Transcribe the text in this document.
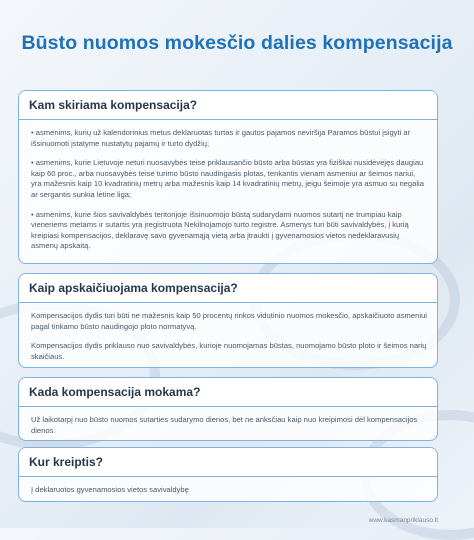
Būsto nuomos mokesčio dalies kompensacija
Kam skiriama kompensacija?

• asmenims, kurių už kalendorinius metus deklaruotas turtas ir gautos pajamos neviršija Paramos būstui įsigyti ar išsinuomoti įstatyme nustatytų pajamų ir turto dydžių;

• asmenims, kurie Lietuvoje neturi nuosavybės teise priklausančio būsto arba būstas yra fiziškai nusidėvėjęs daugiau kaip 60 proc., arba nuosavybės teise turimo būsto naudingasis plotas, tenkantis vienam asmeniui ar šeimos nariui, yra mažesnis kaip 10 kvadratinių metrų arba mažesnis kaip 14 kvadratinių metrų, jeigu šeimoje yra asmuo su negalia ar sergantis sunkia lėtine liga;

• asmenims, kurie šios savivaldybės teritorijoje išsinuomojo būstą sudarydami nuomos sutartį ne trumpiau kaip vieneriems metams ir sutartis yra įregistruota Nekilnojamojo turto registre. Asmenys turi būti savivaldybės, į kurią kreipiasi kompensacijos, deklaravę savo gyvenamąją vietą arba įtraukti į gyvenamosios vietos nedeklaravusių asmenų apskaitą.

Kaip apskaičiuojama kompensacija?

Kompensacijos dydis turi būti ne mažesnis kaip 50 procentų rinkos vidutinio nuomos mokesčio, apskaičiuoto asmeniui pagal tinkamo būsto naudingojo ploto normatyvą.

Kompensacijos dydis priklauso nuo savivaldybės, kurioje nuomojamas būstas, nuomojamo būsto ploto ir šeimos narių skaičiaus.

Kada kompensacija mokama?

Už laikotarpį nuo būsto nuomos sutarties sudarymo dienos, bet ne anksčiau kaip nuo kreipimosi dėl kompensacijos dienos.

Kur kreiptis?

Į deklaruotos gyvenamosios vietos savivaldybę

www.kasmanpriklauso.lt
